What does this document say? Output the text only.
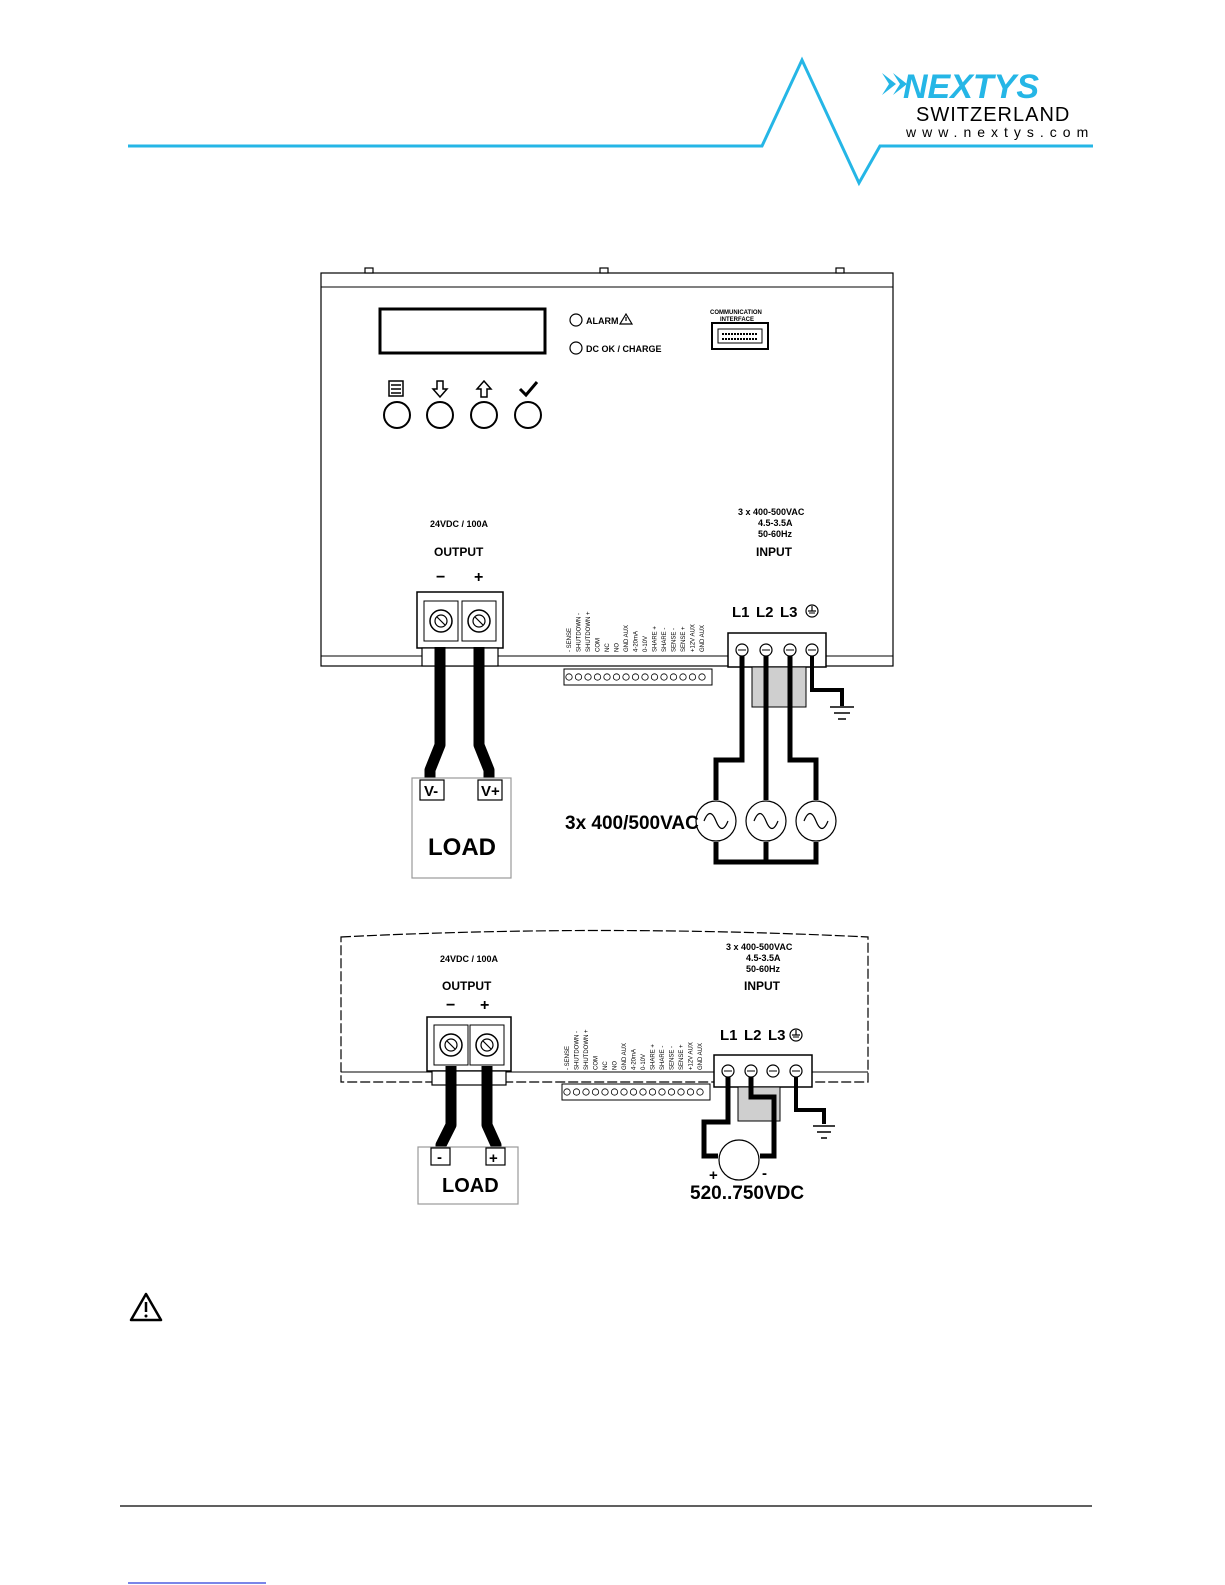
NEXTYS
SWITZERLAND
www.nextys.com
ALARM
DC OK / CHARGE
COMMUNICATION
INTERFACE
24VDC / 100A
OUTPUT
− +
- SENSE SHUTDOWN - SHUTDOWN + COM NC NO GND AUX 4-20mA 0-10V SHARE + SHARE - SENSE - SENSE + +12V AUX GND AUX
3 x 400-500VAC
4.5-3.5A
50-60Hz
INPUT
L1 L2 L3
V-	V+
LOAD
3x 400/500VAC
24VDC / 100A
OUTPUT
− +
- SENSE SHUTDOWN - SHUTDOWN + COM NC NO GND AUX 4-20mA 0-10V SHARE + SHARE - SENSE - SENSE + +12V AUX GND AUX
3 x 400-500VAC
4.5-3.5A
50-60Hz
INPUT
L1 L2 L3
-	+
LOAD	+	-
520..750VDC
